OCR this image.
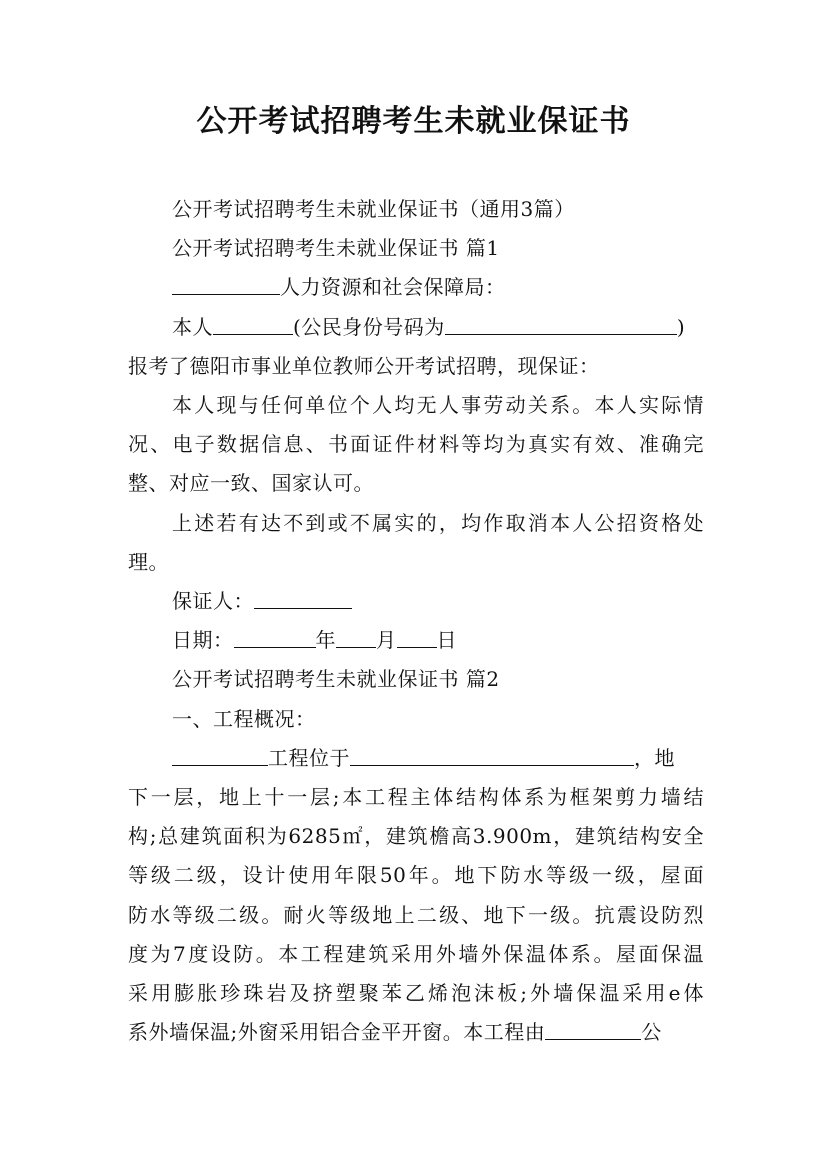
公开考试招聘考生未就业保证书

公开考试招聘考生未就业保证书（通用3篇）

公开考试招聘考生未就业保证书 篇1

人力资源和社会保障局：

本人	(公民身份号码为	)

报考了德阳市事业单位教师公开考试招聘，现保证：

本人现与任何单位个人均无人事劳动关系。本人实际情

况、电子数据信息、书面证件材料等均为真实有效、准确完

整、对应一致、国家认可。

上述若有达不到或不属实的，均作取消本人公招资格处

理。

保证人：

日期：	年 月 日

公开考试招聘考生未就业保证书 篇2

一、工程概况：

工程位于	，地

下一层，地上十一层;本工程主体结构体系为框架剪力墙结

构;总建筑面积为6285㎡，建筑檐高3.900m，建筑结构安全

等级二级，设计使用年限50年。地下防水等级一级，屋面

防水等级二级。耐火等级地上二级、地下一级。抗震设防烈

度为7度设防。本工程建筑采用外墙外保温体系。屋面保温

采用膨胀珍珠岩及挤塑聚苯乙烯泡沫板;外墙保温采用e体

系外墙保温;外窗采用铝合金平开窗。本工程由	公
